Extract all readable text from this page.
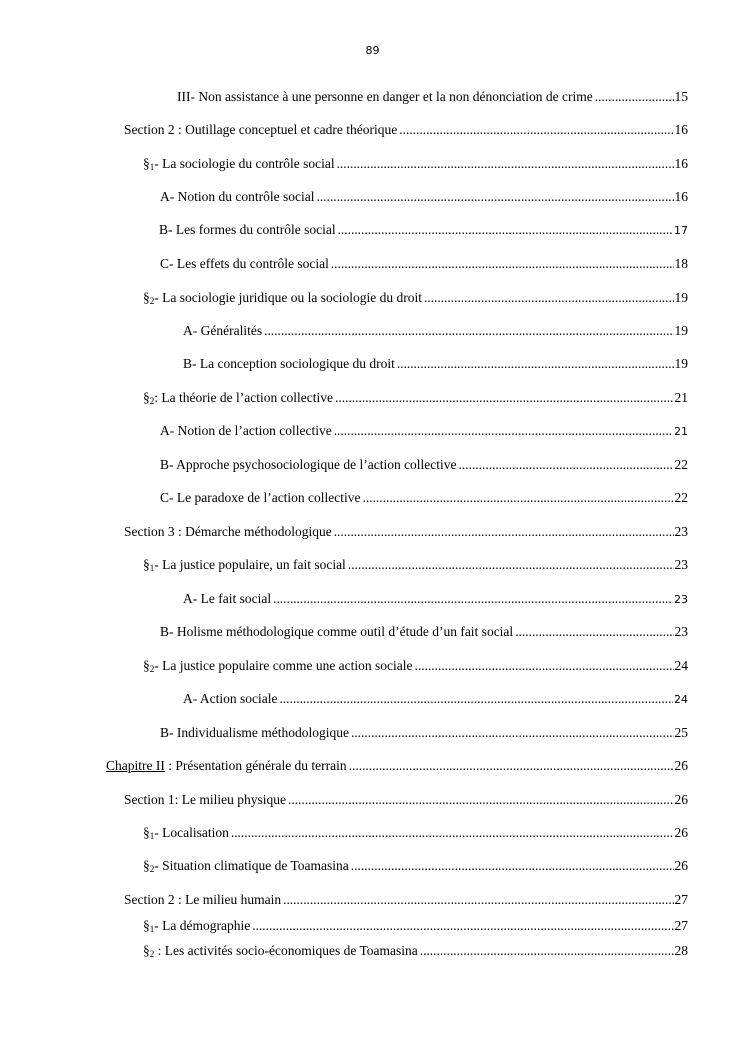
89
III- Non assistance à une personne en danger et la non dénonciation de crime . . .	15
Section 2 : Outillage conceptuel et cadre théorique . . .	16
$\S_1-$ La sociologie du contrôle social . . .	16
A- Notion du contrôle social . . .	16
B- Les formes du contrôle social . . .	17
C- Les effets du contrôle social . . .	18
$\S_2-$ La sociologie juridique ou la sociologie du droit . . .	19
A- Généralités . . .	19
B- La conception sociologique du droit . . .	19
$\S_2$: La théorie de l’action collective . . .	21
A- Notion de l’action collective . . .	21
B- Approche psychosociologique de l’action collective . . .	22
C- Le paradoxe de l’action collective . . .	22
Section 3 : Démarche méthodologique . . .	23
$\S_1-$ La justice populaire, un fait social . . .	23
A- Le fait social . . .	23
B- Holisme méthodologique comme outil d’étude d’un fait social . . .	23
$\S_2-$ La justice populaire comme une action sociale . . .	24
A- Action sociale . . .	24
B- Individualisme méthodologique . . .	25
Chapitre II : Présentation générale du terrain . . .	26
Section 1: Le milieu physique . . .	26
$\S_1-$ Localisation . . .	26
$\S_2-$ Situation climatique de Toamasina . . .	26
Section 2 : Le milieu humain . . .	27
$\S_1-$ La démographie . . .	27
$\S_2$ : Les activités socio-économiques de Toamasina . . .	28
